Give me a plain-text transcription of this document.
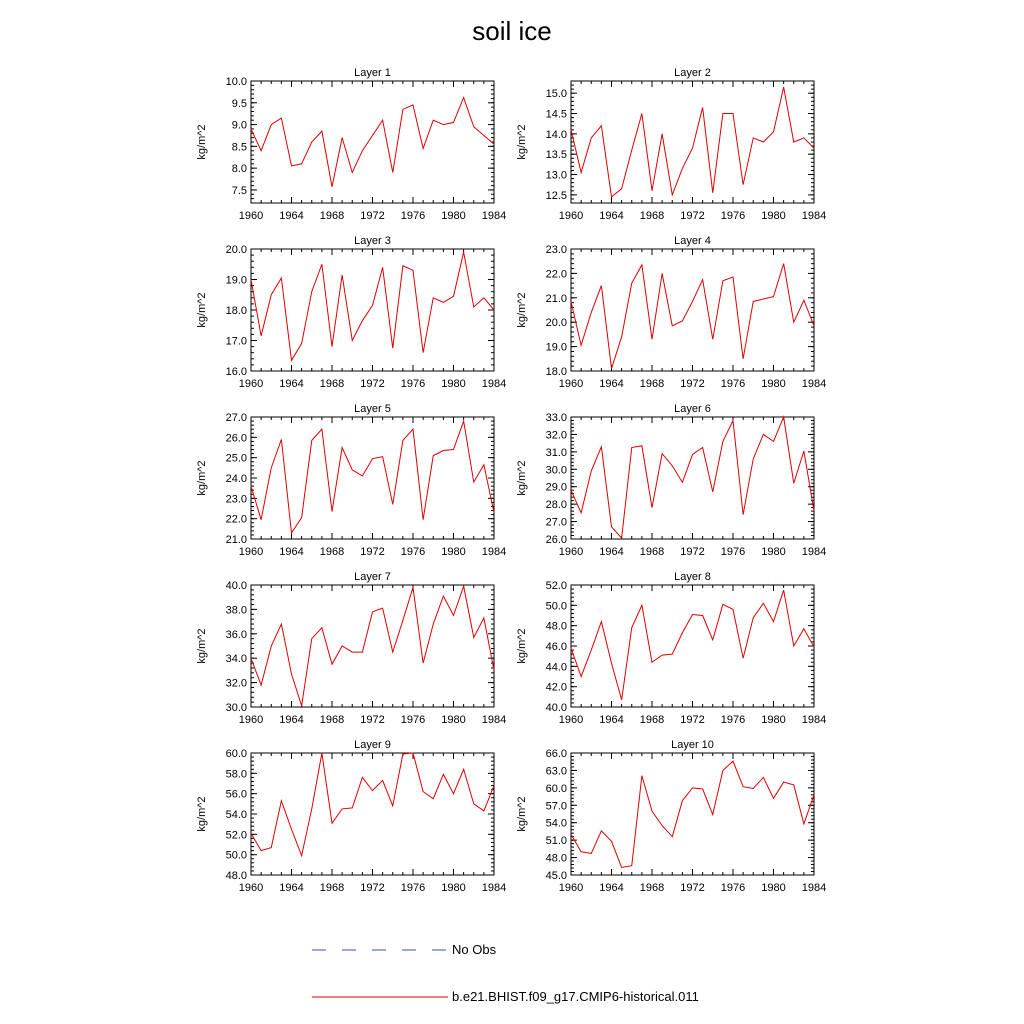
soil ice
Layer 1
kg/m^2
7.5
8.0
8.5
9.0
9.5
10.0
1960 1964 1968 1972 1976 1980 1984
Layer 2
kg/m^2
12.5
13.0
13.5
14.0
14.5
15.0
1960 1964 1968 1972 1976 1980 1984
Layer 3
kg/m^2
16.0
17.0
18.0
19.0
20.0
1960 1964 1968 1972 1976 1980 1984
Layer 4
kg/m^2
18.0
19.0
20.0
21.0
22.0
23.0
1960 1964 1968 1972 1976 1980 1984
Layer 5
kg/m^2
21.0
22.0
23.0
24.0
25.0
26.0
27.0
1960 1964 1968 1972 1976 1980 1984
Layer 6
kg/m^2
26.0
27.0
28.0
29.0
30.0
31.0
32.0
33.0
1960 1964 1968 1972 1976 1980 1984
Layer 7
kg/m^2
30.0
32.0
34.0
36.0
38.0
40.0
1960 1964 1968 1972 1976 1980 1984
Layer 8
kg/m^2
40.0
42.0
44.0
46.0
48.0
50.0
52.0
1960 1964 1968 1972 1976 1980 1984
Layer 9
kg/m^2
48.0
50.0
52.0
54.0
56.0
58.0
60.0
1960 1964 1968 1972 1976 1980 1984
Layer 10
kg/m^2
45.0
48.0
51.0
54.0
57.0
60.0
63.0
66.0
1960 1964 1968 1972 1976 1980 1984
No Obs
b.e21.BHIST.f09_g17.CMIP6-historical.011
